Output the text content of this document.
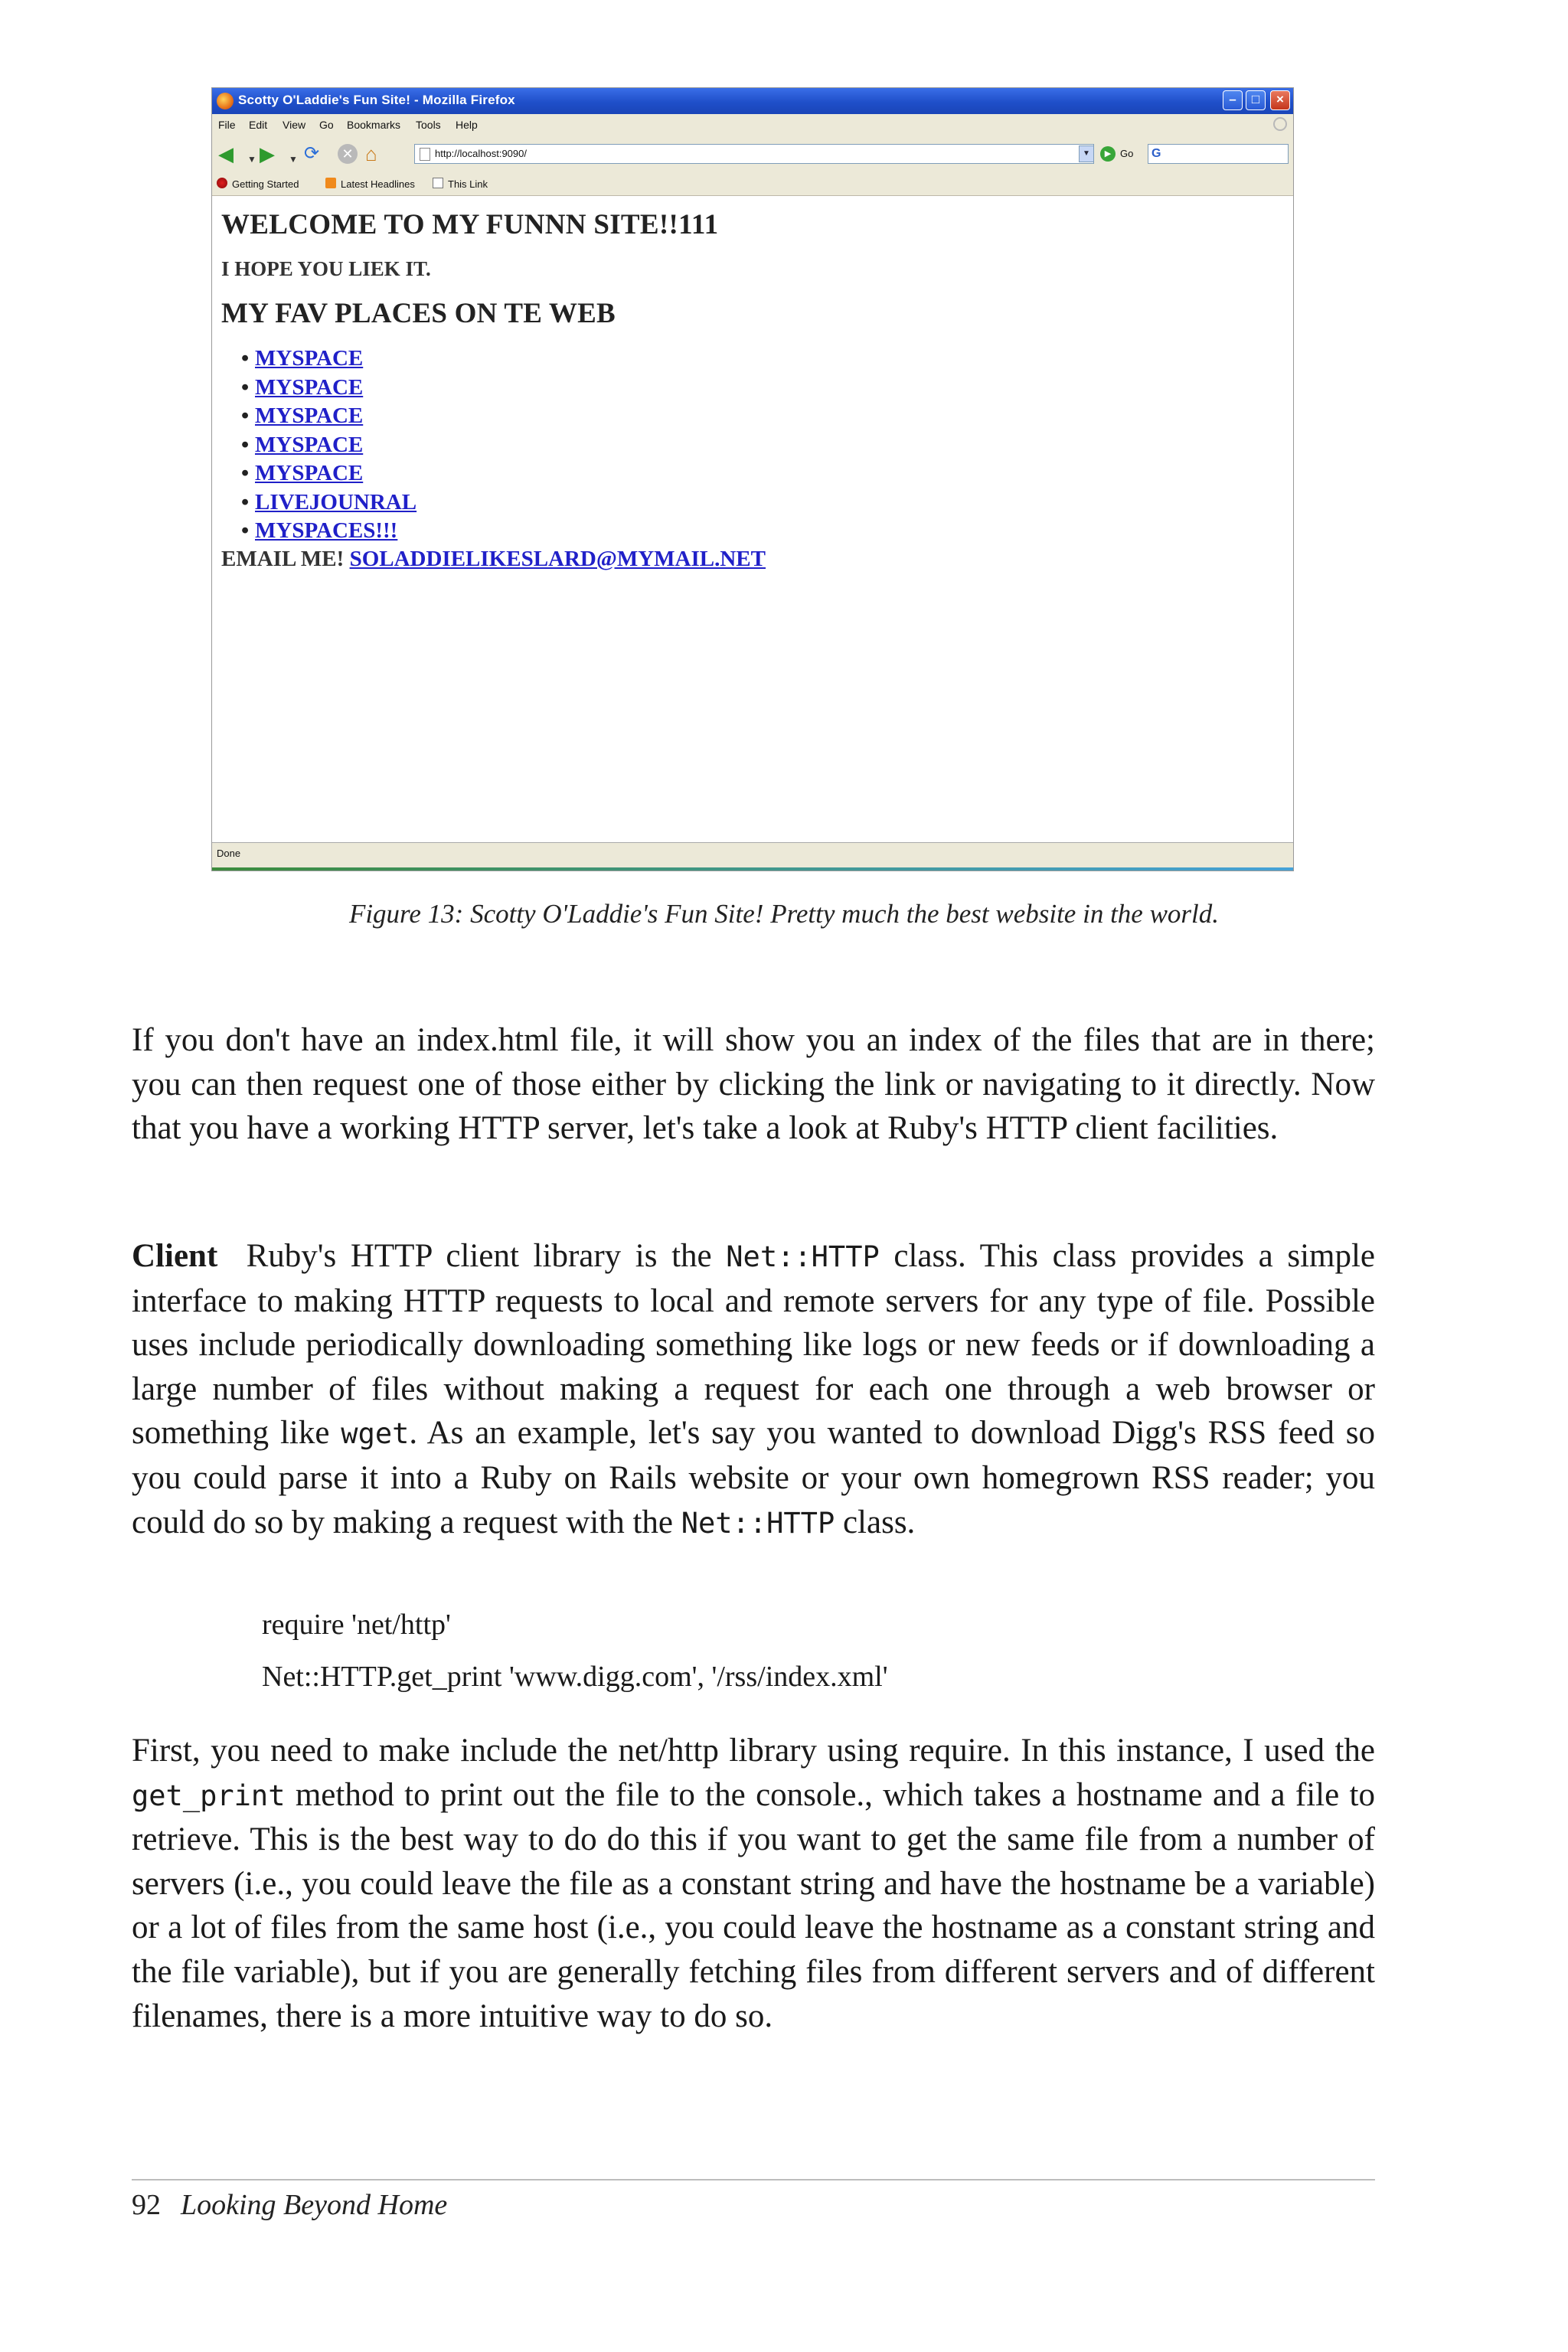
Scotty O'Laddie's Fun Site! - Mozilla Firefox	–	□	×
File Edit View Go Bookmarks Tools Help
◀ ▼ ▶ ▼ ⟳	✕ ⌂	http://localhost:9090/	▼	▶ Go G
Getting Started	Latest Headlines	This Link
WELCOME TO MY FUNNN SITE!!111

I HOPE YOU LIEK IT.

MY FAV PLACES ON TE WEB
• MYSPACE
• MYSPACE
• MYSPACE
• MYSPACE
• MYSPACE
• LIVEJOUNRAL
• MYSPACES!!!

EMAIL ME! SOLADDIELIKESLARD@MYMAIL.NET

Done

Figure 13: Scotty O'Laddie's Fun Site! Pretty much the best website in the world.

If you don't have an index.html file, it will show you an index of the files that are in there; you can then request one of those either by clicking the link or navigating to it directly. Now that you have a working HTTP server, let's take a look at Ruby's HTTP client facilities.

Client Ruby's HTTP client library is the Net::HTTP class. This class provides a simple interface to making HTTP requests to local and remote servers for any type of file. Possible uses include periodically downloading something like logs or new feeds or if downloading a large number of files without making a request for each one through a web browser or something like wget. As an example, let's say you wanted to download Digg's RSS feed so you could parse it into a Ruby on Rails website or your own homegrown RSS reader; you could do so by making a request with the Net::HTTP class.

require 'net/http'

Net::HTTP.get_print 'www.digg.com', '/rss/index.xml'

First, you need to make include the net/http library using require. In this instance, I used the get_print method to print out the file to the console., which takes a hostname and a file to retrieve. This is the best way to do do this if you want to get the same file from a number of servers (i.e., you could leave the file as a constant string and have the hostname be a variable) or a lot of files from the same host (i.e., you could leave the hostname as a constant string and the file variable), but if you are generally fetching files from different servers and of different filenames, there is a more intuitive way to do so.

92 Looking Beyond Home
